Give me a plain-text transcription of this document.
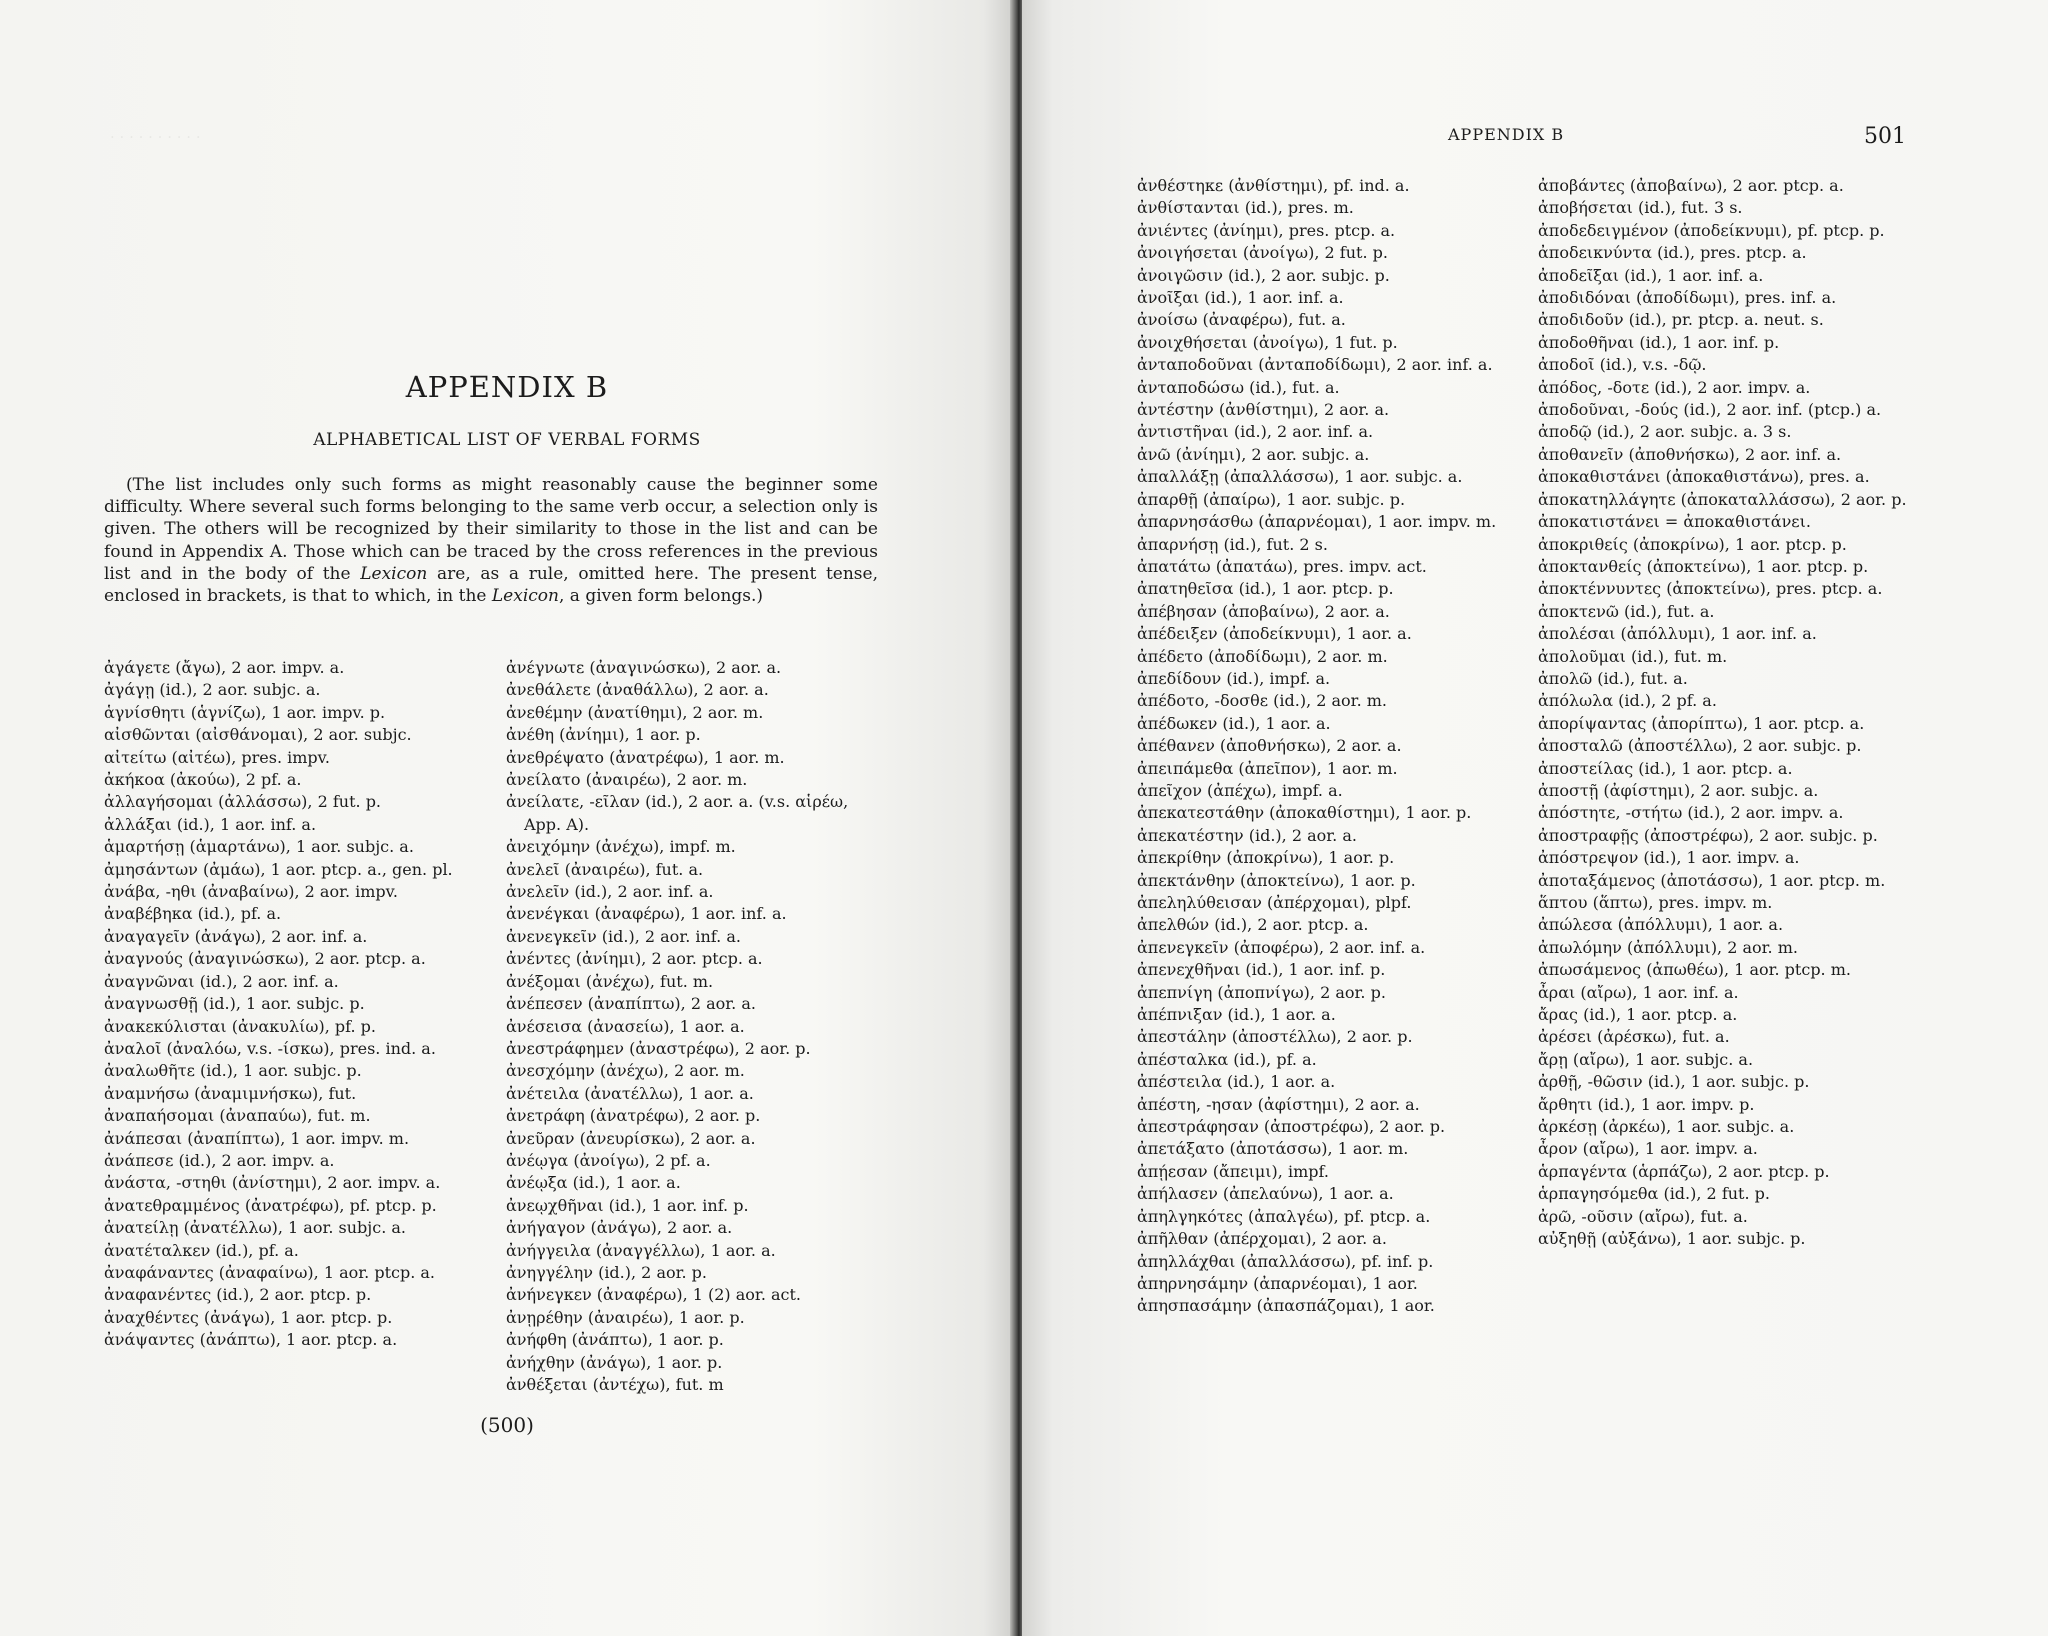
· · · · · · · · · ·
APPENDIX B
ALPHABETICAL LIST OF VERBAL FORMS
(The list includes only such forms as might reasonably cause the beginner some difficulty. Where several such forms belonging to the same verb occur, a selection only is given. The others will be recognized by their similarity to those in the list and can be found in Appendix A. Those which can be traced by the cross references in the previous list and in the body of the Lexicon are, as a rule, omitted here. The present tense, enclosed in brackets, is that to which, in the Lexicon, a given form belongs.)
ἀγάγετε (ἄγω), 2 aor. impv. a.
ἀγάγῃ (id.), 2 aor. subjc. a.
ἁγνίσθητι (ἁγνίζω), 1 aor. impv. p.
αἰσθῶνται (αἰσθάνομαι), 2 aor. subjc.
αἰτείτω (αἰτέω), pres. impv.
ἀκήκοα (ἀκούω), 2 pf. a.
ἀλλαγήσομαι (ἀλλάσσω), 2 fut. p.
ἀλλάξαι (id.), 1 aor. inf. a.
ἁμαρτήσῃ (ἁμαρτάνω), 1 aor. subjc. a.
ἀμησάντων (ἀμάω), 1 aor. ptcp. a., gen. pl.
ἀνάβα, -ηθι (ἀναβαίνω), 2 aor. impv.
ἀναβέβηκα (id.), pf. a.
ἀναγαγεῖν (ἀνάγω), 2 aor. inf. a.
ἀναγνούς (ἀναγινώσκω), 2 aor. ptcp. a.
ἀναγνῶναι (id.), 2 aor. inf. a.
ἀναγνωσθῇ (id.), 1 aor. subjc. p.
ἀνακεκύλισται (ἀνακυλίω), pf. p.
ἀναλοῖ (ἀναλόω, v.s. -ίσκω), pres. ind. a.
ἀναλωθῆτε (id.), 1 aor. subjc. p.
ἀναμνήσω (ἀναμιμνήσκω), fut.
ἀναπαήσομαι (ἀναπαύω), fut. m.
ἀνάπεσαι (ἀναπίπτω), 1 aor. impv. m.
ἀνάπεσε (id.), 2 aor. impv. a.
ἀνάστα, -στηθι (ἀνίστημι), 2 aor. impv. a.
ἀνατεθραμμένος (ἀνατρέφω), pf. ptcp. p.
ἀνατείλῃ (ἀνατέλλω), 1 aor. subjc. a.
ἀνατέταλκεν (id.), pf. a.
ἀναφάναντες (ἀναφαίνω), 1 aor. ptcp. a.
ἀναφανέντες (id.), 2 aor. ptcp. p.
ἀναχθέντες (ἀνάγω), 1 aor. ptcp. p.
ἀνάψαντες (ἀνάπτω), 1 aor. ptcp. a.
ἀνέγνωτε (ἀναγινώσκω), 2 aor. a.
ἀνεθάλετε (ἀναθάλλω), 2 aor. a.
ἀνεθέμην (ἀνατίθημι), 2 aor. m.
ἀνέθη (ἀνίημι), 1 aor. p.
ἀνεθρέψατο (ἀνατρέφω), 1 aor. m.
ἀνείλατο (ἀναιρέω), 2 aor. m.
ἀνείλατε, -εῖλαν (id.), 2 aor. a. (v.s. αἱρέω, App. A).
ἀνειχόμην (ἀνέχω), impf. m.
ἀνελεῖ (ἀναιρέω), fut. a.
ἀνελεῖν (id.), 2 aor. inf. a.
ἀνενέγκαι (ἀναφέρω), 1 aor. inf. a.
ἀνενεγκεῖν (id.), 2 aor. inf. a.
ἀνέντες (ἀνίημι), 2 aor. ptcp. a.
ἀνέξομαι (ἀνέχω), fut. m.
ἀνέπεσεν (ἀναπίπτω), 2 aor. a.
ἀνέσεισα (ἀνασείω), 1 aor. a.
ἀνεστράφημεν (ἀναστρέφω), 2 aor. p.
ἀνεσχόμην (ἀνέχω), 2 aor. m.
ἀνέτειλα (ἀνατέλλω), 1 aor. a.
ἀνετράφη (ἀνατρέφω), 2 aor. p.
ἀνεῦραν (ἀνευρίσκω), 2 aor. a.
ἀνέῳγα (ἀνοίγω), 2 pf. a.
ἀνέῳξα (id.), 1 aor. a.
ἀνεῳχθῆναι (id.), 1 aor. inf. p.
ἀνήγαγον (ἀνάγω), 2 aor. a.
ἀνήγγειλα (ἀναγγέλλω), 1 aor. a.
ἀνηγγέλην (id.), 2 aor. p.
ἀνήνεγκεν (ἀναφέρω), 1 (2) aor. act.
ἀνῃρέθην (ἀναιρέω), 1 aor. p.
ἀνήφθη (ἀνάπτω), 1 aor. p.
ἀνήχθην (ἀνάγω), 1 aor. p.
ἀνθέξεται (ἀντέχω), fut. m
(500)
APPENDIX B	501
ἀνθέστηκε (ἀνθίστημι), pf. ind. a.
ἀνθίστανται (id.), pres. m.
ἀνιέντες (ἀνίημι), pres. ptcp. a.
ἀνοιγήσεται (ἀνοίγω), 2 fut. p.
ἀνοιγῶσιν (id.), 2 aor. subjc. p.
ἀνοῖξαι (id.), 1 aor. inf. a.
ἀνοίσω (ἀναφέρω), fut. a.
ἀνοιχθήσεται (ἀνοίγω), 1 fut. p.
ἀνταποδοῦναι (ἀνταποδίδωμι), 2 aor. inf. a.
ἀνταποδώσω (id.), fut. a.
ἀντέστην (ἀνθίστημι), 2 aor. a.
ἀντιστῆναι (id.), 2 aor. inf. a.
ἀνῶ (ἀνίημι), 2 aor. subjc. a.
ἀπαλλάξῃ (ἀπαλλάσσω), 1 aor. subjc. a.
ἀπαρθῇ (ἀπαίρω), 1 aor. subjc. p.
ἀπαρνησάσθω (ἀπαρνέομαι), 1 aor. impv. m.
ἀπαρνήσῃ (id.), fut. 2 s.
ἀπατάτω (ἀπατάω), pres. impv. act.
ἀπατηθεῖσα (id.), 1 aor. ptcp. p.
ἀπέβησαν (ἀποβαίνω), 2 aor. a.
ἀπέδειξεν (ἀποδείκνυμι), 1 aor. a.
ἀπέδετο (ἀποδίδωμι), 2 aor. m.
ἀπεδίδουν (id.), impf. a.
ἀπέδοτο, -δοσθε (id.), 2 aor. m.
ἀπέδωκεν (id.), 1 aor. a.
ἀπέθανεν (ἀποθνήσκω), 2 aor. a.
ἀπειπάμεθα (ἀπεῖπον), 1 aor. m.
ἀπεῖχον (ἀπέχω), impf. a.
ἀπεκατεστάθην (ἀποκαθίστημι), 1 aor. p.
ἀπεκατέστην (id.), 2 aor. a.
ἀπεκρίθην (ἀποκρίνω), 1 aor. p.
ἀπεκτάνθην (ἀποκτείνω), 1 aor. p.
ἀπεληλύθεισαν (ἀπέρχομαι), plpf.
ἀπελθών (id.), 2 aor. ptcp. a.
ἀπενεγκεῖν (ἀποφέρω), 2 aor. inf. a.
ἀπενεχθῆναι (id.), 1 aor. inf. p.
ἀπεπνίγη (ἀποπνίγω), 2 aor. p.
ἀπέπνιξαν (id.), 1 aor. a.
ἀπεστάλην (ἀποστέλλω), 2 aor. p.
ἀπέσταλκα (id.), pf. a.
ἀπέστειλα (id.), 1 aor. a.
ἀπέστη, -ησαν (ἀφίστημι), 2 aor. a.
ἀπεστράφησαν (ἀποστρέφω), 2 aor. p.
ἀπετάξατο (ἀποτάσσω), 1 aor. m.
ἀπῄεσαν (ἄπειμι), impf.
ἀπήλασεν (ἀπελαύνω), 1 aor. a.
ἀπηλγηκότες (ἀπαλγέω), pf. ptcp. a.
ἀπῆλθαν (ἀπέρχομαι), 2 aor. a.
ἀπηλλάχθαι (ἀπαλλάσσω), pf. inf. p.
ἀπηρνησάμην (ἀπαρνέομαι), 1 aor.
ἀπησπασάμην (ἀπασπάζομαι), 1 aor.
ἀποβάντες (ἀποβαίνω), 2 aor. ptcp. a.
ἀποβήσεται (id.), fut. 3 s.
ἀποδεδειγμένον (ἀποδείκνυμι), pf. ptcp. p.
ἀποδεικνύντα (id.), pres. ptcp. a.
ἀποδεῖξαι (id.), 1 aor. inf. a.
ἀποδιδόναι (ἀποδίδωμι), pres. inf. a.
ἀποδιδοῦν (id.), pr. ptcp. a. neut. s.
ἀποδοθῆναι (id.), 1 aor. inf. p.
ἀποδοῖ (id.), v.s. -δῷ.
ἀπόδος, -δοτε (id.), 2 aor. impv. a.
ἀποδοῦναι, -δούς (id.), 2 aor. inf. (ptcp.) a.
ἀποδῷ (id.), 2 aor. subjc. a. 3 s.
ἀποθανεῖν (ἀποθνήσκω), 2 aor. inf. a.
ἀποκαθιστάνει (ἀποκαθιστάνω), pres. a.
ἀποκατηλλάγητε (ἀποκαταλλάσσω), 2 aor. p.
ἀποκατιστάνει = ἀποκαθιστάνει.
ἀποκριθείς (ἀποκρίνω), 1 aor. ptcp. p.
ἀποκτανθείς (ἀποκτείνω), 1 aor. ptcp. p.
ἀποκτέννυντες (ἀποκτείνω), pres. ptcp. a.
ἀποκτενῶ (id.), fut. a.
ἀπολέσαι (ἀπόλλυμι), 1 aor. inf. a.
ἀπολοῦμαι (id.), fut. m.
ἀπολῶ (id.), fut. a.
ἀπόλωλα (id.), 2 pf. a.
ἀπορίψαντας (ἀπορίπτω), 1 aor. ptcp. a.
ἀποσταλῶ (ἀποστέλλω), 2 aor. subjc. p.
ἀποστείλας (id.), 1 aor. ptcp. a.
ἀποστῇ (ἀφίστημι), 2 aor. subjc. a.
ἀπόστητε, -στήτω (id.), 2 aor. impv. a.
ἀποστραφῇς (ἀποστρέφω), 2 aor. subjc. p.
ἀπόστρεψον (id.), 1 aor. impv. a.
ἀποταξάμενος (ἀποτάσσω), 1 aor. ptcp. m.
ἅπτου (ἅπτω), pres. impv. m.
ἀπώλεσα (ἀπόλλυμι), 1 aor. a.
ἀπωλόμην (ἀπόλλυμι), 2 aor. m.
ἀπωσάμενος (ἀπωθέω), 1 aor. ptcp. m.
ἆραι (αἴρω), 1 aor. inf. a.
ἄρας (id.), 1 aor. ptcp. a.
ἀρέσει (ἀρέσκω), fut. a.
ἄρῃ (αἴρω), 1 aor. subjc. a.
ἀρθῇ, -θῶσιν (id.), 1 aor. subjc. p.
ἄρθητι (id.), 1 aor. impv. p.
ἀρκέσῃ (ἀρκέω), 1 aor. subjc. a.
ἆρον (αἴρω), 1 aor. impv. a.
ἁρπαγέντα (ἁρπάζω), 2 aor. ptcp. p.
ἁρπαγησόμεθα (id.), 2 fut. p.
ἀρῶ, -οῦσιν (αἴρω), fut. a.
αὐξηθῇ (αὐξάνω), 1 aor. subjc. p.
